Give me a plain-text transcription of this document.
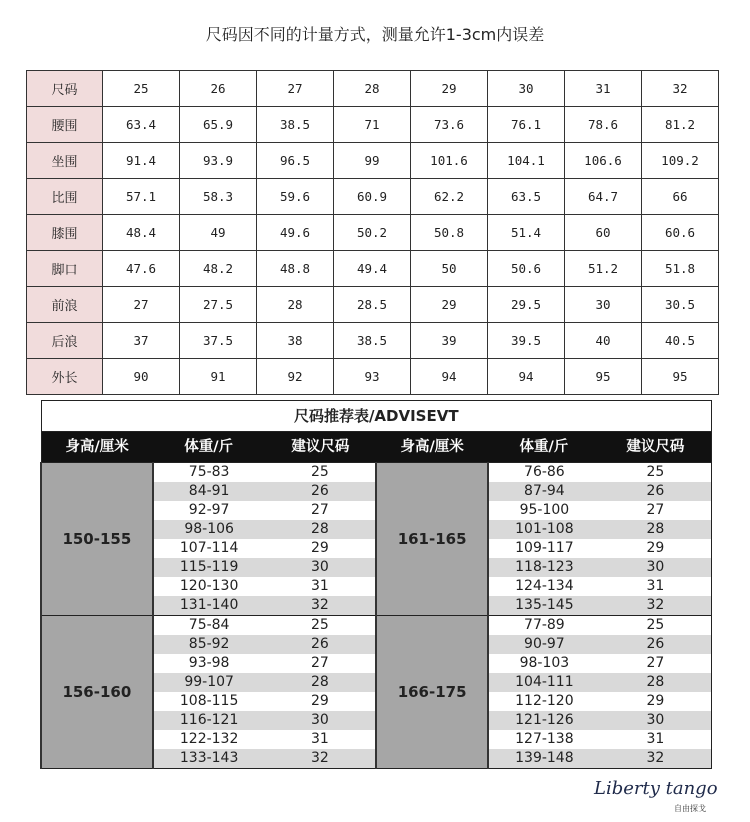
尺码因不同的计量方式，测量允许1-3cm内误差
尺码	25	26	27	28	29	30	31	32
腰围	63.4	65.9	38.5	71	73.6	76.1	78.6	81.2
坐围	91.4	93.9	96.5	99	101.6	104.1	106.6	109.2
比围	57.1	58.3	59.6	60.9	62.2	63.5	64.7	66
膝围	48.4	49	49.6	50.2	50.8	51.4	60	60.6
脚口	47.6	48.2	48.8	49.4	50	50.6	51.2	51.8
前浪	27	27.5	28	28.5	29	29.5	30	30.5
后浪	37	37.5	38	38.5	39	39.5	40	40.5
外长	90	91	92	93	94	94	95	95
尺码推荐表/ADVISEVT					
身高/厘米	体重/斤	建议尺码	身高/厘米	体重/斤	建议尺码
150-155	75-83	25	161-165	76-86	25
	84-91	26		87-94	26
	92-97	27		95-100	27
	98-106	28		101-108	28
	107-114	29		109-117	29
	115-119	30		118-123	30
	120-130	31		124-134	31
	131-140	32		135-145	32
156-160	75-84	25	166-175	77-89	25
	85-92	26		90-97	26
	93-98	27		98-103	27
	99-107	28		104-111	28
	108-115	29		112-120	29
	116-121	30		121-126	30
	122-132	31		127-138	31
	133-143	32		139-148	32
Liberty tango
自由探戈
